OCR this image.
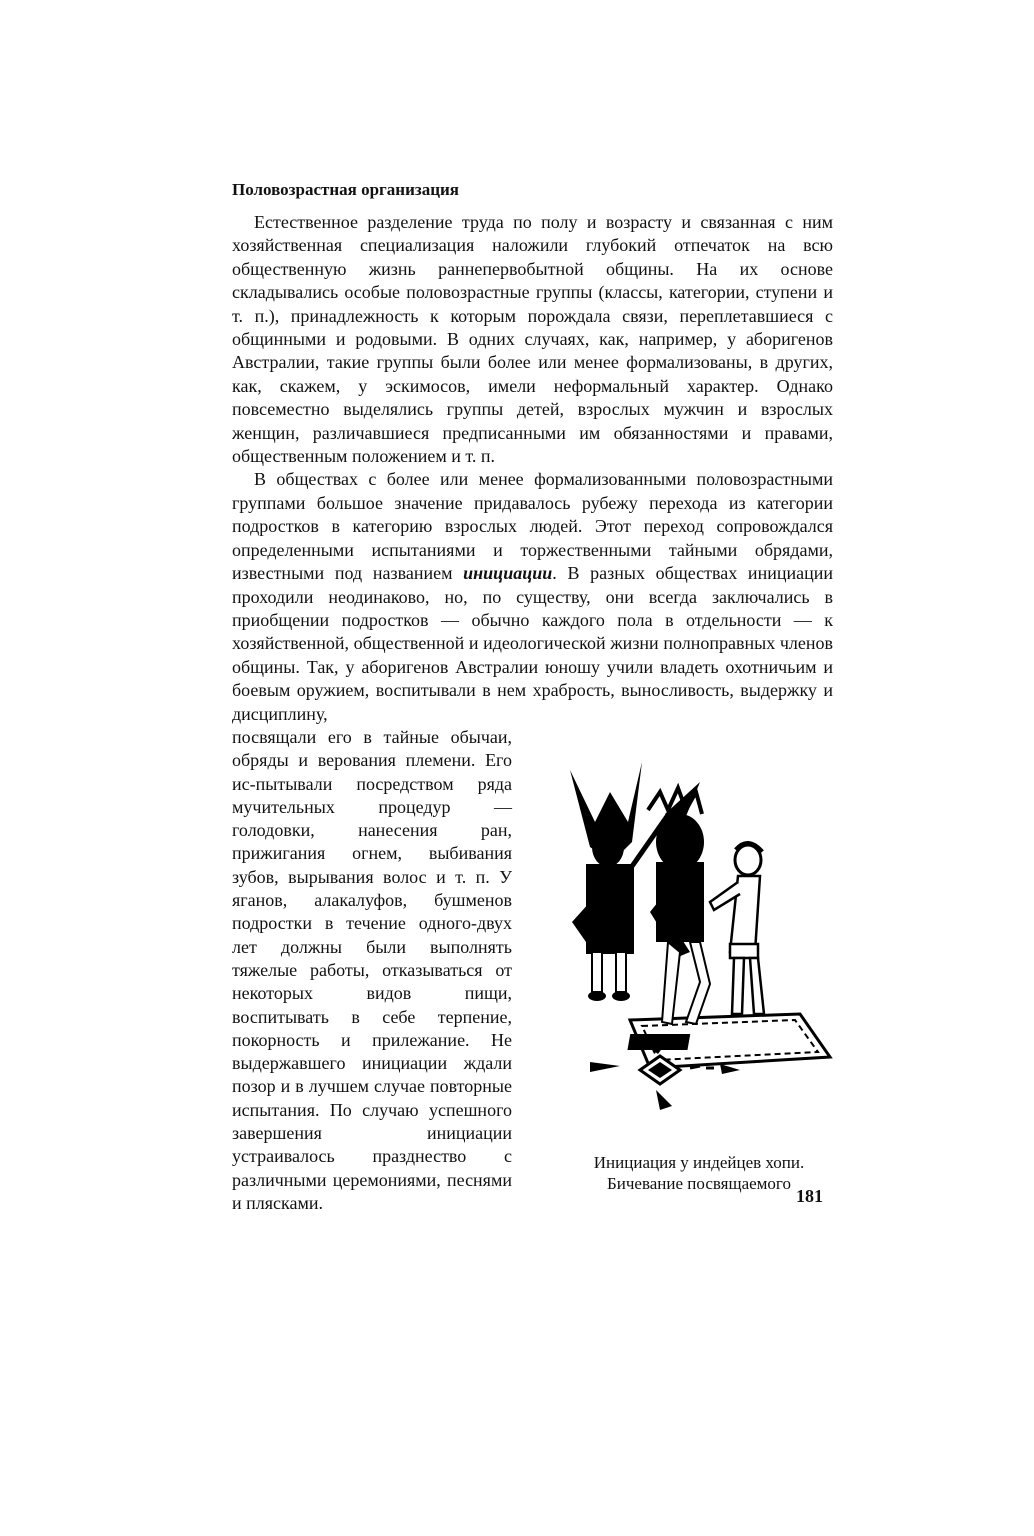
Половозрастная организация

Естественное разделение труда по полу и возрасту и связанная с ним хозяйственная специализация наложили глубокий отпечаток на всю общественную жизнь раннепервобытной общины. На их основе складывались особые половозрастные группы (классы, категории, ступени и т. п.), принадлежность к которым порождала связи, переплетавшиеся с общинными и родовыми. В одних случаях, как, например, у аборигенов Австралии, такие группы были более или менее формализованы, в других, как, скажем, у эскимосов, имели неформальный характер. Однако повсеместно выделялись группы детей, взрослых мужчин и взрослых женщин, различавшиеся предписанными им обязанностями и правами, общественным положением и т. п.

В обществах с более или менее формализованными половозрастными группами большое значение придавалось рубежу перехода из категории подростков в категорию взрослых людей. Этот переход сопровождался определенными испытаниями и торжественными тайными обрядами, известными под названием инициации. В разных обществах инициации проходили неодинаково, но, по существу, они всегда заключались в приобщении подростков — обычно каждого пола в отдельности — к хозяйственной, общественной и идеологической жизни полноправных членов общины. Так, у аборигенов Австралии юношу учили владеть охотничьим и боевым оружием, воспитывали в нем храбрость, выносливость, выдержку и дисциплину,

посвящали его в тайные обычаи, обряды и верования племени. Его ис-пытывали посредством ряда мучительных процедур — голодовки, нанесения ран, прижигания огнем, выбивания зубов, вырывания волос и т. п. У яганов, алакалуфов, бушменов подростки в течение одного-двух лет должны были выполнять тяжелые работы, отказываться от некоторых видов пищи, воспитывать в себе терпение, покорность и прилежание. Не выдержавшего инициации ждали позор и в лучшем случае повторные испытания. По случаю успешного завершения инициации устраивалось празднество с различными церемониями, песнями и плясками.
Инициация у индейцев хопи.
Бичевание посвящаемого
181
